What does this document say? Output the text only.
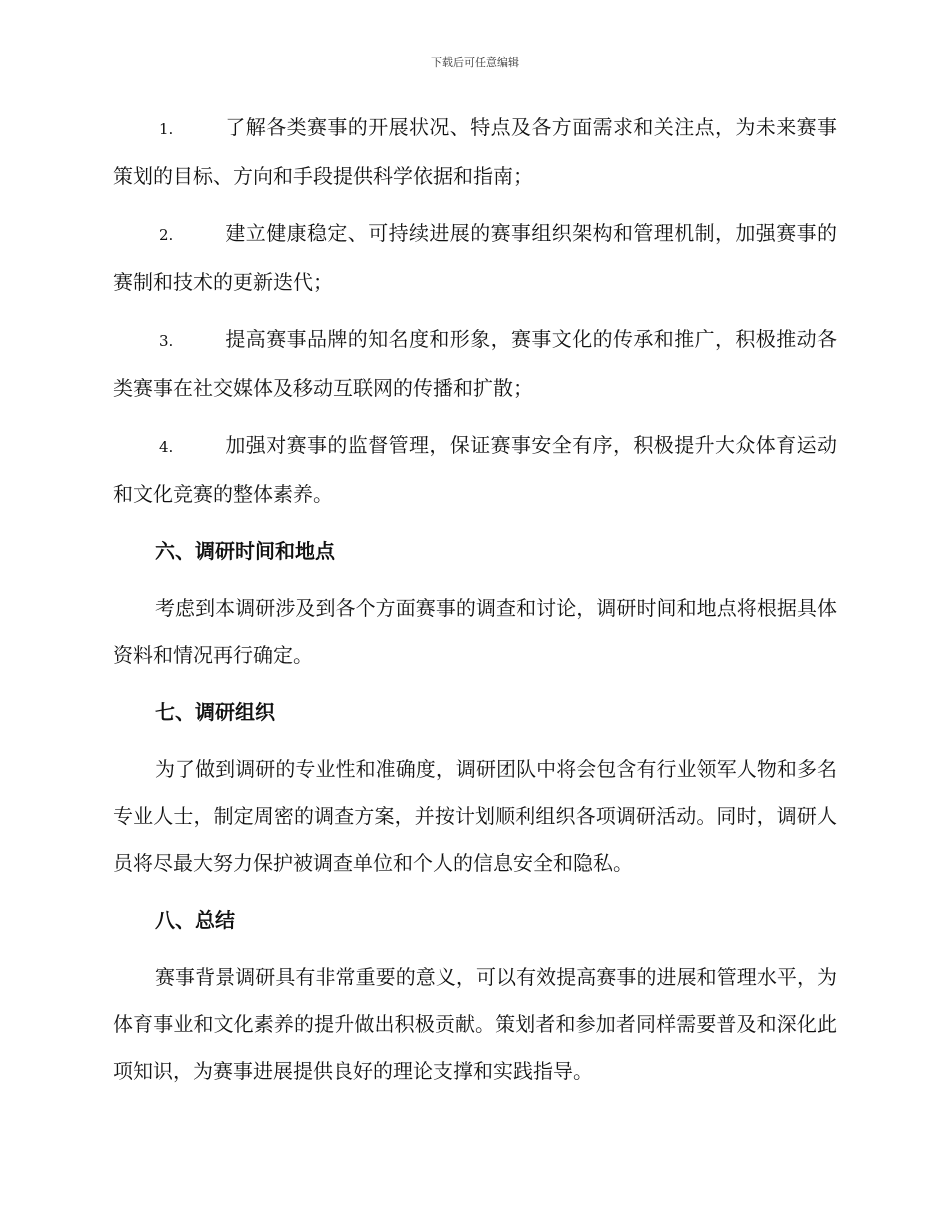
下载后可任意编辑

1.	了解各类赛事的开展状况、特点及各方面需求和关注点，为未来赛事策划的目标、方向和手段提供科学依据和指南；

2.	建立健康稳定、可持续进展的赛事组织架构和管理机制，加强赛事的赛制和技术的更新迭代；

3.	提高赛事品牌的知名度和形象，赛事文化的传承和推广，积极推动各类赛事在社交媒体及移动互联网的传播和扩散；

4.	加强对赛事的监督管理，保证赛事安全有序，积极提升大众体育运动和文化竞赛的整体素养。

六、调研时间和地点

考虑到本调研涉及到各个方面赛事的调查和讨论，调研时间和地点将根据具体资料和情况再行确定。

七、调研组织

为了做到调研的专业性和准确度，调研团队中将会包含有行业领军人物和多名专业人士，制定周密的调查方案，并按计划顺利组织各项调研活动。同时，调研人员将尽最大努力保护被调查单位和个人的信息安全和隐私。

八、总结

赛事背景调研具有非常重要的意义，可以有效提高赛事的进展和管理水平，为体育事业和文化素养的提升做出积极贡献。策划者和参加者同样需要普及和深化此项知识，为赛事进展提供良好的理论支撑和实践指导。
